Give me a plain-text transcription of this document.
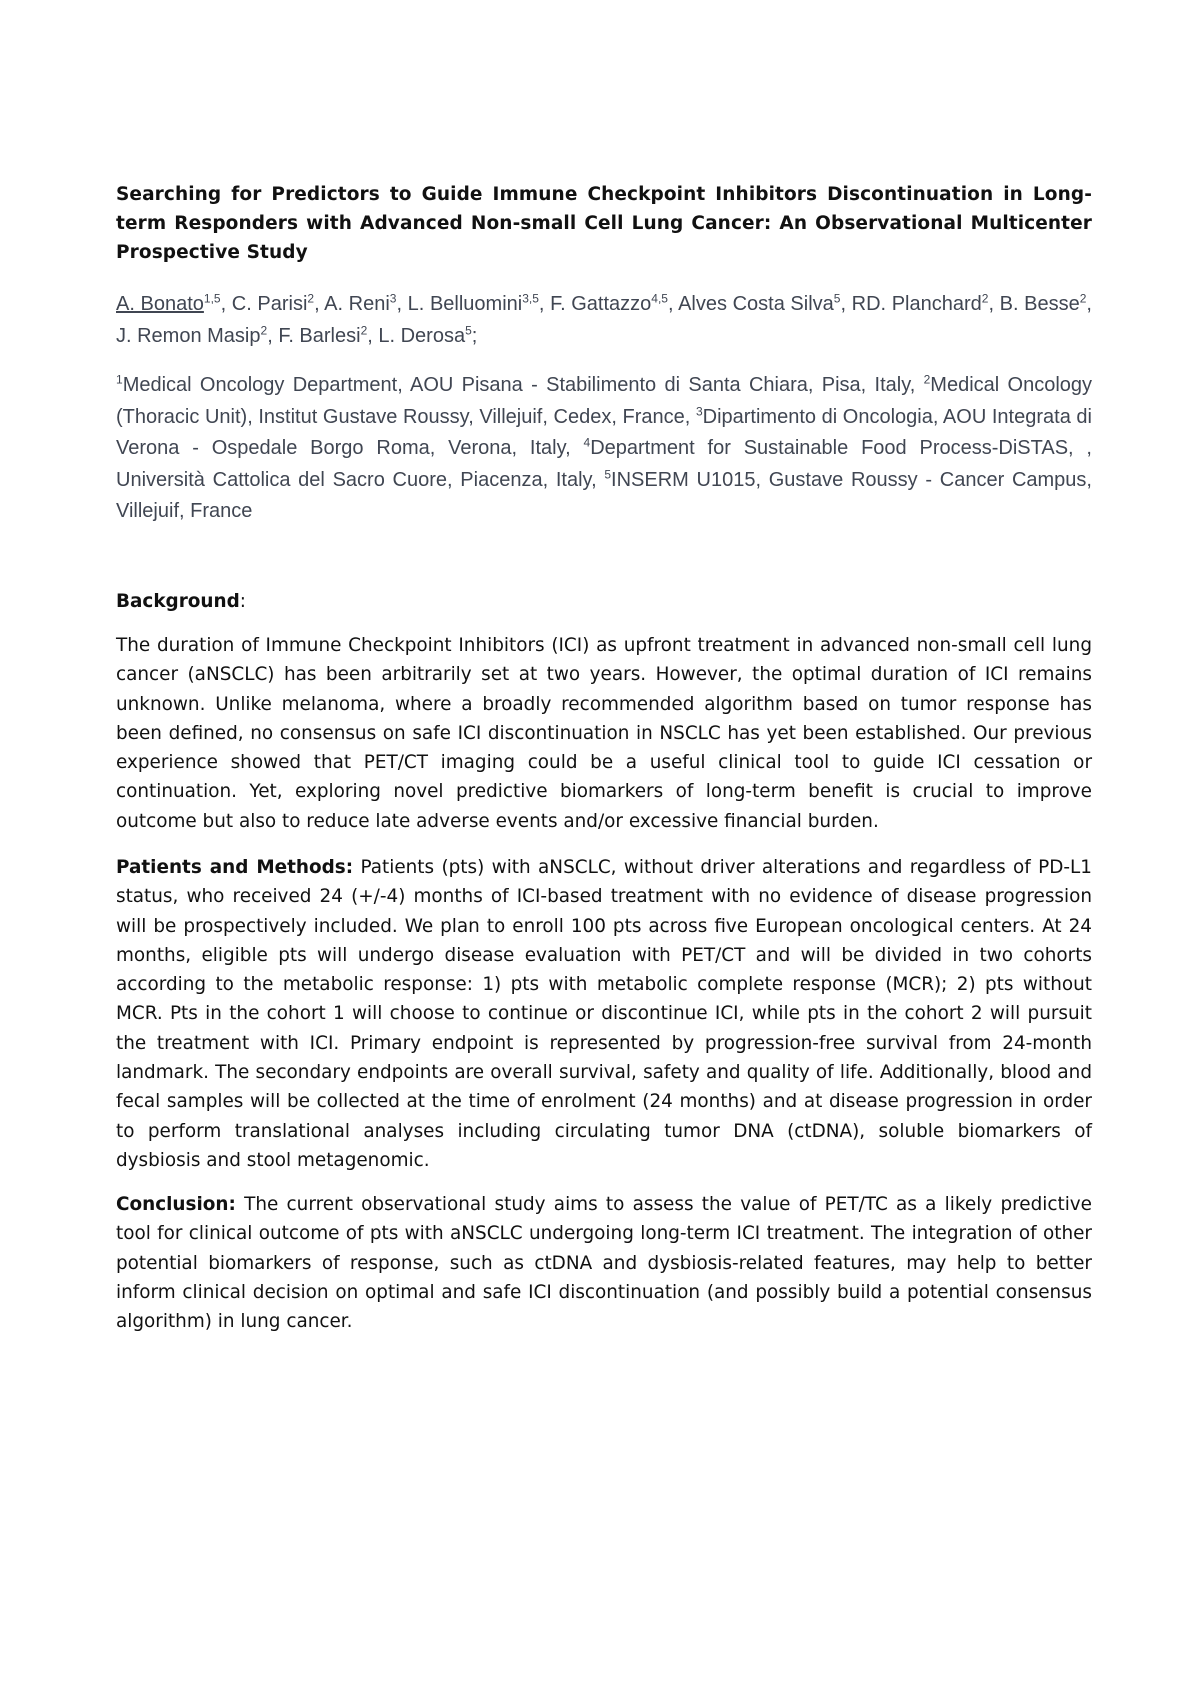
Searching for Predictors to Guide Immune Checkpoint Inhibitors Discontinuation in Long-term Responders with Advanced Non-small Cell Lung Cancer: An Observational Multicenter Prospective Study
A. Bonato$^{1,5}$, C. Parisi$^2$, A. Reni$^3$, L. Belluomini$^{3,5}$, F. Gattazzo$^{4,5}$, Alves Costa Silva$^5$, RD. Planchard$^2$, B. Besse$^2$, J. Remon Masip$^2$, F. Barlesi$^2$, L. Derosa$^5$;
$^1$Medical Oncology Department, AOU Pisana - Stabilimento di Santa Chiara, Pisa, Italy, $^2$Medical Oncology (Thoracic Unit), Institut Gustave Roussy, Villejuif, Cedex, France, $^3$Dipartimento di Oncologia, AOU Integrata di Verona - Ospedale Borgo Roma, Verona, Italy, $^4$Department for Sustainable Food Process-DiSTAS, , Università Cattolica del Sacro Cuore, Piacenza, Italy, $^5$INSERM U1015, Gustave Roussy - Cancer Campus, Villejuif, France
Background:
The duration of Immune Checkpoint Inhibitors (ICI) as upfront treatment in advanced non-small cell lung cancer (aNSCLC) has been arbitrarily set at two years. However, the optimal duration of ICI remains unknown. Unlike melanoma, where a broadly recommended algorithm based on tumor response has been defined, no consensus on safe ICI discontinuation in NSCLC has yet been established. Our previous experience showed that PET/CT imaging could be a useful clinical tool to guide ICI cessation or continuation. Yet, exploring novel predictive biomarkers of long-term benefit is crucial to improve outcome but also to reduce late adverse events and/or excessive financial burden.
Patients and Methods: Patients (pts) with aNSCLC, without driver alterations and regardless of PD-L1 status, who received 24 (+/-4) months of ICI-based treatment with no evidence of disease progression will be prospectively included. We plan to enroll 100 pts across five European oncological centers. At 24 months, eligible pts will undergo disease evaluation with PET/CT and will be divided in two cohorts according to the metabolic response: 1) pts with metabolic complete response (MCR); 2) pts without MCR. Pts in the cohort 1 will choose to continue or discontinue ICI, while pts in the cohort 2 will pursuit the treatment with ICI. Primary endpoint is represented by progression-free survival from 24-month landmark. The secondary endpoints are overall survival, safety and quality of life. Additionally, blood and fecal samples will be collected at the time of enrolment (24 months) and at disease progression in order to perform translational analyses including circulating tumor DNA (ctDNA), soluble biomarkers of dysbiosis and stool metagenomic.
Conclusion: The current observational study aims to assess the value of PET/TC as a likely predictive tool for clinical outcome of pts with aNSCLC undergoing long-term ICI treatment. The integration of other potential biomarkers of response, such as ctDNA and dysbiosis-related features, may help to better inform clinical decision on optimal and safe ICI discontinuation (and possibly build a potential consensus algorithm) in lung cancer.
